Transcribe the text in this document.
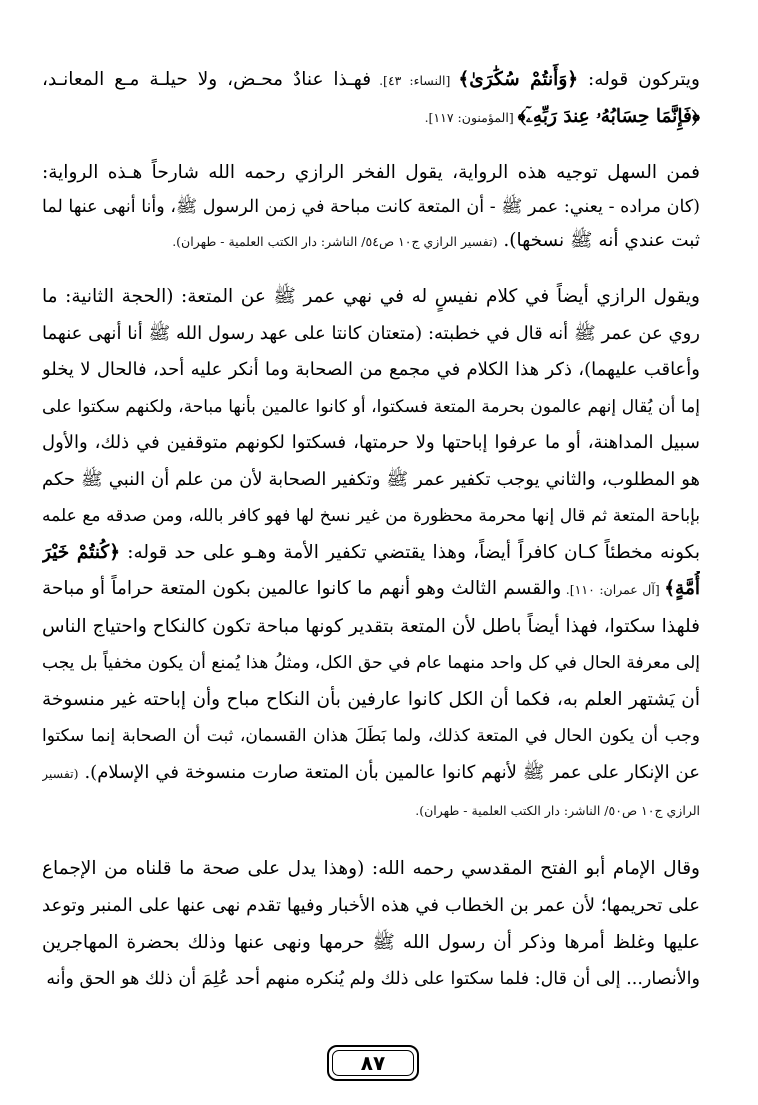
ويتركون قوله: ﴿وَأَنتُمْ سُكَٰرَىٰ﴾ [النساء: ٤٣]. فهـذا عنادٌ محـض، ولا حيلـة مـع المعانـد،
﴿فَإِنَّمَا حِسَابُهُۥ عِندَ رَبِّهِۦٓ﴾ [المؤمنون: ١١٧].
فمن السهل توجيه هذه الرواية، يقول الفخر الرازي رحمه الله شارحاً هـذه الرواية:
(كان مراده - يعني: عمر ﷺ - أن المتعة كانت مباحة في زمن الرسول ﷺ، وأنا أنهى عنها لما
ثبت عندي أنه ﷺ نسخها). (تفسير الرازي ج١٠ ص٥٤/ الناشر: دار الكتب العلمية - طهران).
ويقول الرازي أيضاً في كلام نفيسٍ له في نهي عمر ﷺ عن المتعة: (الحجة الثانية: ما
روي عن عمر ﷺ أنه قال في خطبته: (متعتان كانتا على عهد رسول الله ﷺ أنا أنهى عنهما
وأعاقب عليهما)، ذكر هذا الكلام في مجمع من الصحابة وما أنكر عليه أحد، فالحال لا يخلو
إما أن يُقال إنهم عالمون بحرمة المتعة فسكتوا، أو كانوا عالمين بأنها مباحة، ولكنهم سكتوا على
سبيل المداهنة، أو ما عرفوا إباحتها ولا حرمتها، فسكتوا لكونهم متوقفين في ذلك، والأول
هو المطلوب، والثاني يوجب تكفير عمر ﷺ وتكفير الصحابة لأن من علم أن النبي ﷺ حكم
بإباحة المتعة ثم قال إنها محرمة محظورة من غير نسخ لها فهو كافر بالله، ومن صدقه مع علمه
بكونه مخطئاً كـان كافراً أيضاً، وهذا يقتضي تكفير الأمة وهـو على حد قوله: ﴿كُنتُمْ خَيْرَ
أُمَّةٍ﴾ [آل عمران: ١١٠]. والقسم الثالث وهو أنهم ما كانوا عالمين بكون المتعة حراماً أو مباحة
فلهذا سكتوا، فهذا أيضاً باطل لأن المتعة بتقدير كونها مباحة تكون كالنكاح واحتياج الناس
إلى معرفة الحال في كل واحد منهما عام في حق الكل، ومثلُ هذا يُمنع أن يكون مخفياً بل يجب
أن يَشتهر العلم به، فكما أن الكل كانوا عارفين بأن النكاح مباح وأن إباحته غير منسوخة
وجب أن يكون الحال في المتعة كذلك، ولما بَطَلَ هذان القسمان، ثبت أن الصحابة إنما سكتوا
عن الإنكار على عمر ﷺ لأنهم كانوا عالمين بأن المتعة صارت منسوخة في الإسلام). (تفسير
الرازي ج١٠ ص٥٠/ الناشر: دار الكتب العلمية - طهران).
وقال الإمام أبو الفتح المقدسي رحمه الله: (وهذا يدل على صحة ما قلناه من الإجماع
على تحريمها؛ لأن عمر بن الخطاب في هذه الأخبار وفيها تقدم نهى عنها على المنبر وتوعد
عليها وغلظ أمرها وذكر أن رسول الله ﷺ حرمها ونهى عنها وذلك بحضرة المهاجرين
والأنصار... إلى أن قال: فلما سكتوا على ذلك ولم يُنكره منهم أحد عُلِمَ أن ذلك هو الحق وأنه
٨٧
